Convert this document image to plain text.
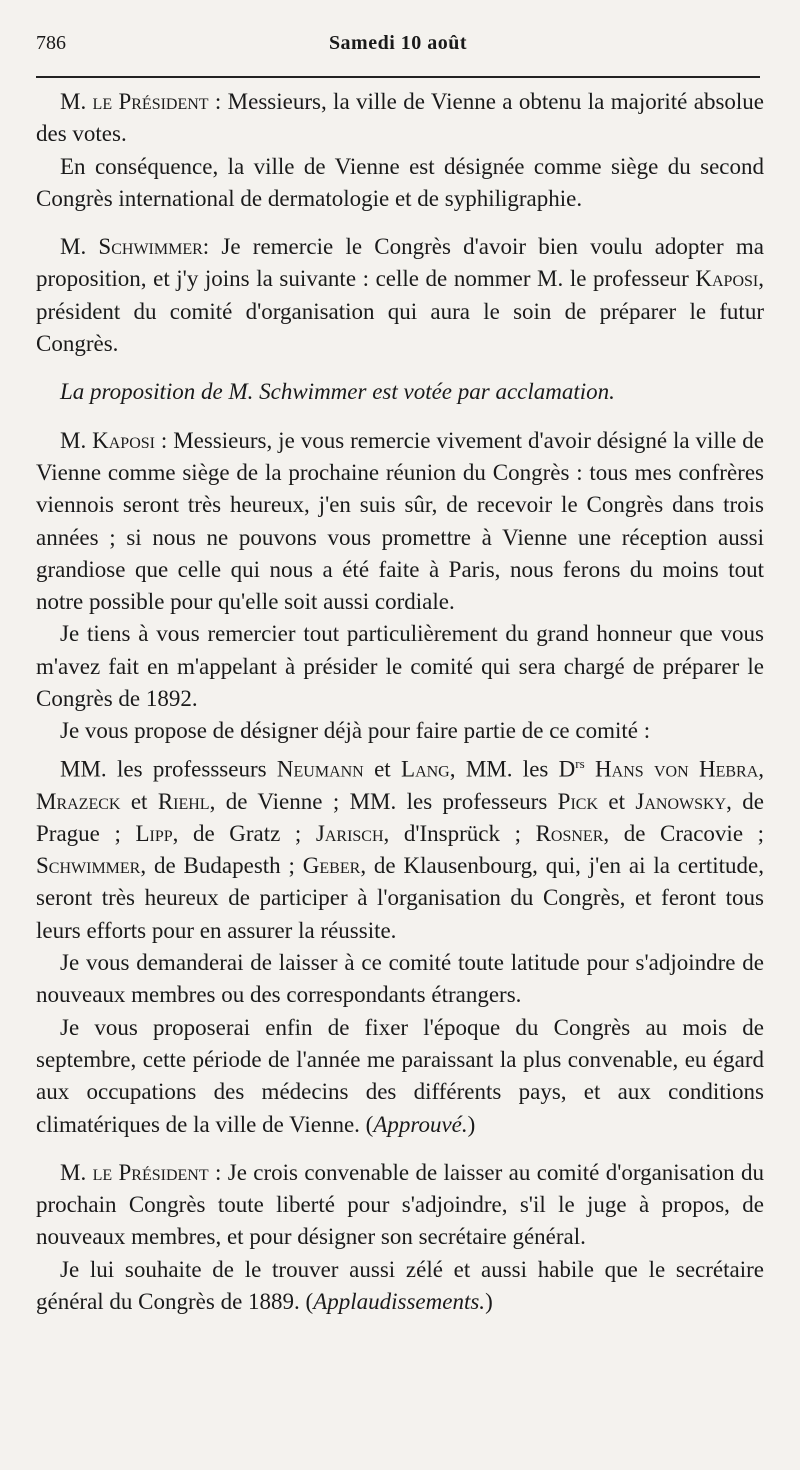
786	Samedi 10 août

M. le Président : Messieurs, la ville de Vienne a obtenu la majorité absolue des votes.

En conséquence, la ville de Vienne est désignée comme siège du second Congrès international de dermatologie et de syphiligraphie.

M. Schwimmer: Je remercie le Congrès d'avoir bien voulu adopter ma proposition, et j'y joins la suivante : celle de nommer M. le professeur Kaposi, président du comité d'organisation qui aura le soin de préparer le futur Congrès.

La proposition de M. Schwimmer est votée par acclamation.

M. Kaposi : Messieurs, je vous remercie vivement d'avoir désigné la ville de Vienne comme siège de la prochaine réunion du Congrès : tous mes confrères viennois seront très heureux, j'en suis sûr, de recevoir le Congrès dans trois années ; si nous ne pouvons vous promettre à Vienne une réception aussi grandiose que celle qui nous a été faite à Paris, nous ferons du moins tout notre possible pour qu'elle soit aussi cordiale.

Je tiens à vous remercier tout particulièrement du grand honneur que vous m'avez fait en m'appelant à présider le comité qui sera chargé de préparer le Congrès de 1892.

Je vous propose de désigner déjà pour faire partie de ce comité :

MM. les professseurs Neumann et Lang, MM. les $D^{rs}$ Hans von Hebra, Mrazeck et Riehl, de Vienne ; MM. les professeurs Pick et Janowsky, de Prague ; Lipp, de Gratz ; Jarisch, d'Insprück ; Rosner, de Cracovie ; Schwimmer, de Budapesth ; Geber, de Klausenbourg, qui, j'en ai la certitude, seront très heureux de participer à l'organisation du Congrès, et feront tous leurs efforts pour en assurer la réussite.

Je vous demanderai de laisser à ce comité toute latitude pour s'adjoindre de nouveaux membres ou des correspondants étrangers.

Je vous proposerai enfin de fixer l'époque du Congrès au mois de septembre, cette période de l'année me paraissant la plus convenable, eu égard aux occupations des médecins des différents pays, et aux conditions climatériques de la ville de Vienne. (Approuvé.)

M. le Président : Je crois convenable de laisser au comité d'organisation du prochain Congrès toute liberté pour s'adjoindre, s'il le juge à propos, de nouveaux membres, et pour désigner son secrétaire général.

Je lui souhaite de le trouver aussi zélé et aussi habile que le secrétaire général du Congrès de 1889. (Applaudissements.)
